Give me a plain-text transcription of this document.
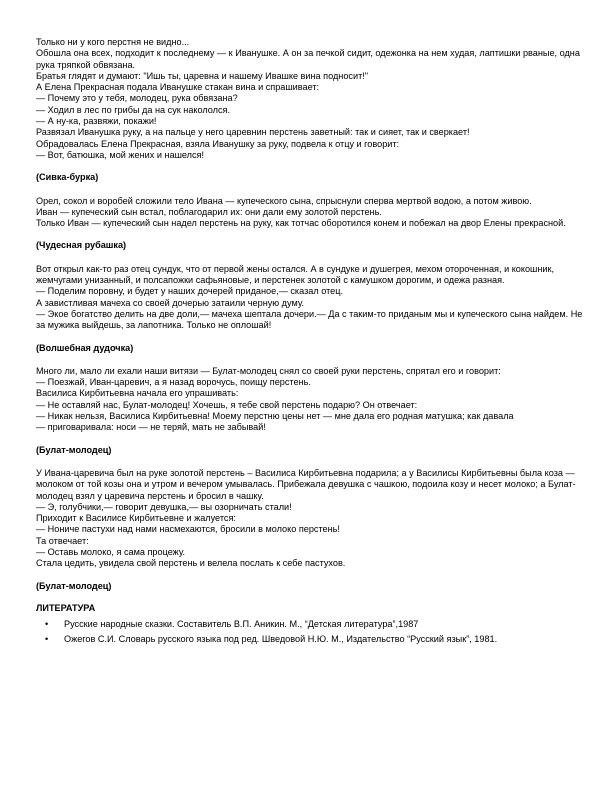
Только ни у кого перстня не видно...

Обошла она всех, подходит к последнему — к Иванушке. А он за печкой сидит, одежонка на нем худая, лаптишки рваные, одна рука тряпкой обвязана.

Братья глядят и думают: "Ишь ты, царевна и нашему Ивашке вина подносит!"

А Елена Прекрасная подала Иванушке стакан вина и спрашивает:

— Почему это у тебя, молодец, рука обвязана?

— Ходил в лес по грибы да на сук накололся.

— А ну-ка, развяжи, покажи!

Развязал Иванушка руку, а на пальце у него царевнин перстень заветный: так и сияет, так и сверкает!

Обрадовалась Елена Прекрасная, взяла Иванушку за руку, подвела к отцу и говорит:

— Вот, батюшка, мой жених и нашелся!

(Сивка-бурка)

Орел, сокол и воробей сложили тело Ивана — купеческого сына, спрыснули сперва мертвой водою, а потом живою.

Иван — купеческий сын встал, поблагодарил их: они дали ему золотой перстень.

Только Иван — купеческий сын надел перстень на руку, как тотчас оборотился конем и побежал на двор Елены прекрасной.

(Чудесная рубашка)

Вот открыл как-то раз отец сундук, что от первой жены остался. А в сундуке и душегрея, мехом отороченная, и кокошник, жемчугами унизанный, и полсапожки сафьяновые, и перстенек золотой с камушком дорогим, и одежа разная.

— Поделим поровну, и будет у наших дочерей приданое,— сказал отец.

А завистливая мачеха со своей дочерью затаили черную думу.

— Экое богатство делить на две доли,— мачеха шептала дочери.— Да с таким-то приданым мы и купеческого сына найдем. Не за мужика выйдешь, за лапотника. Только не оплошай!

(Волшебная дудочка)

Много ли, мало ли ехали наши витязи — Булат-молодец снял со своей руки перстень, спрятал его и говорит:

— Поезжай, Иван-царевич, а я назад ворочусь, поищу перстень.

Василиса Кирбитьевна начала его упрашивать:

— Не оставляй нас, Булат-молодец! Хочешь, я тебе свой перстень подарю? Он отвечает:

— Никак нельзя, Василиса Кирбитьевна! Моему перстню цены нет — мне дала его родная матушка; как давала

— приговаривала: носи — не теряй, мать не забывай!

(Булат-молодец)

У Ивана-царевича был на руке золотой перстень – Василиса Кирбитьевна подарила; а у Василисы Кирбитьевны была коза — молоком от той козы она и утром и вечером умывалась. Прибежала девушка с чашкою, подоила козу и несет молоко; а Булат-молодец взял у царевича перстень и бросил в чашку.

— Э, голубчики,— говорит девушка,— вы озорничать стали!

Приходит к Василисе Кирбитьевне и жалуется:

— Нониче пастухи над нами насмехаются, бросили в молоко перстень!

Та отвечает:

— Оставь молоко, я сама процежу.

Стала цедить, увидела свой перстень и велела послать к себе пастухов.

(Булат-молодец)

ЛИТЕРАТУРА

• Русские народные сказки. Составитель В.П. Аникин. М., “Детская литература”,1987
• Ожегов С.И. Словарь русского языка под ред. Шведовой Н.Ю. М., Издательство “Русский язык”, 1981.
